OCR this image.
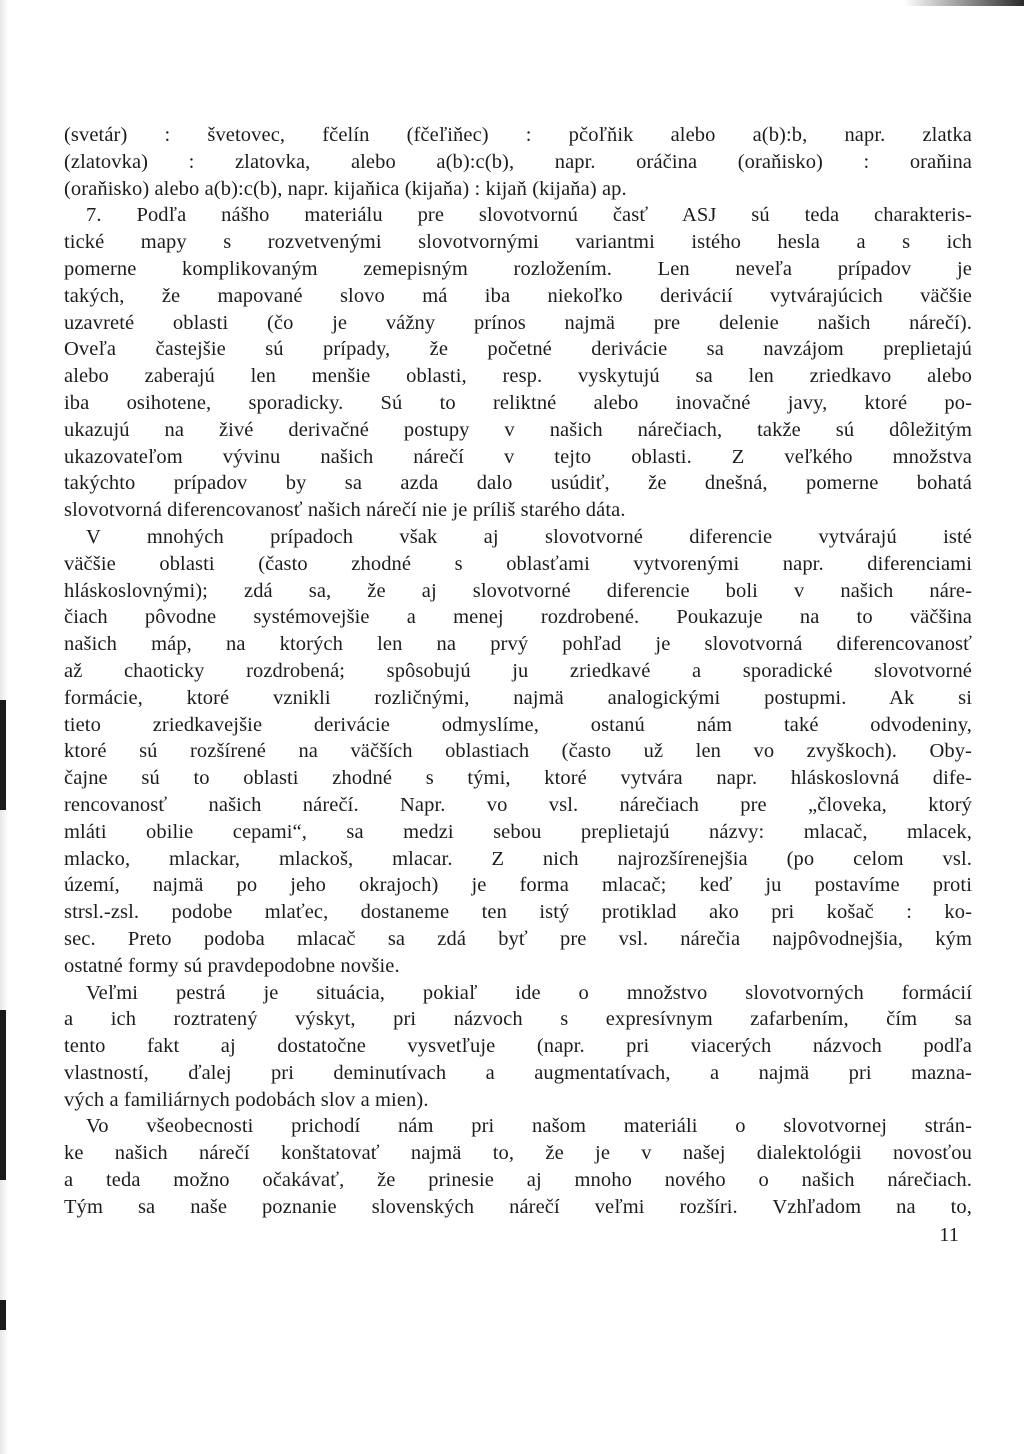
(svetár) : švetovec, fčelín (fčeľiňec) : pčoľňik alebo a(b):b, napr. zlatka
(zlatovka) : zlatovka, alebo a(b):c(b), napr. oráčina (oraňisko) : oraňina
(oraňisko) alebo a(b):c(b), napr. kijaňica (kijaňa) : kijaň (kijaňa) ap.
7. Podľa nášho materiálu pre slovotvornú časť ASJ sú teda charakteris-
tické mapy s rozvetvenými slovotvornými variantmi istého hesla a s ich
pomerne komplikovaným zemepisným rozložením. Len neveľa prípadov je
takých, že mapované slovo má iba niekoľko derivácií vytvárajúcich väčšie
uzavreté oblasti (čo je vážny prínos najmä pre delenie našich nárečí).
Oveľa častejšie sú prípady, že početné derivácie sa navzájom preplietajú
alebo zaberajú len menšie oblasti, resp. vyskytujú sa len zriedkavo alebo
iba osihotene, sporadicky. Sú to reliktné alebo inovačné javy, ktoré po-
ukazujú na živé derivačné postupy v našich nárečiach, takže sú dôležitým
ukazovateľom vývinu našich nárečí v tejto oblasti. Z veľkého množstva
takýchto prípadov by sa azda dalo usúdiť, že dnešná, pomerne bohatá
slovotvorná diferencovanosť našich nárečí nie je príliš starého dáta.
V mnohých prípadoch však aj slovotvorné diferencie vytvárajú isté
väčšie oblasti (často zhodné s oblasťami vytvorenými napr. diferenciami
hláskoslovnými); zdá sa, že aj slovotvorné diferencie boli v našich náre-
čiach pôvodne systémovejšie a menej rozdrobené. Poukazuje na to väčšina
našich máp, na ktorých len na prvý pohľad je slovotvorná diferencovanosť
až chaoticky rozdrobená; spôsobujú ju zriedkavé a sporadické slovotvorné
formácie, ktoré vznikli rozličnými, najmä analogickými postupmi. Ak si
tieto zriedkavejšie derivácie odmyslíme, ostanú nám také odvodeniny,
ktoré sú rozšírené na väčších oblastiach (často už len vo zvyškoch). Oby-
čajne sú to oblasti zhodné s tými, ktoré vytvára napr. hláskoslovná dife-
rencovanosť našich nárečí. Napr. vo vsl. nárečiach pre „človeka, ktorý
mláti obilie cepami“, sa medzi sebou preplietajú názvy: mlacač, mlacek,
mlacko, mlackar, mlackoš, mlacar. Z nich najrozšírenejšia (po celom vsl.
území, najmä po jeho okrajoch) je forma mlacač; keď ju postavíme proti
strsl.-zsl. podobe mlaťec, dostaneme ten istý protiklad ako pri košač : ko-
sec. Preto podoba mlacač sa zdá byť pre vsl. nárečia najpôvodnejšia, kým
ostatné formy sú pravdepodobne novšie.
Veľmi pestrá je situácia, pokiaľ ide o množstvo slovotvorných formácií
a ich roztratený výskyt, pri názvoch s expresívnym zafarbením, čím sa
tento fakt aj dostatočne vysvetľuje (napr. pri viacerých názvoch podľa
vlastností, ďalej pri deminutívach a augmentatívach, a najmä pri mazna-
vých a familiárnych podobách slov a mien).
Vo všeobecnosti prichodí nám pri našom materiáli o slovotvornej strán-
ke našich nárečí konštatovať najmä to, že je v našej dialektológii novosťou
a teda možno očakávať, že prinesie aj mnoho nového o našich nárečiach.
Tým sa naše poznanie slovenských nárečí veľmi rozšíri. Vzhľadom na to,
11
